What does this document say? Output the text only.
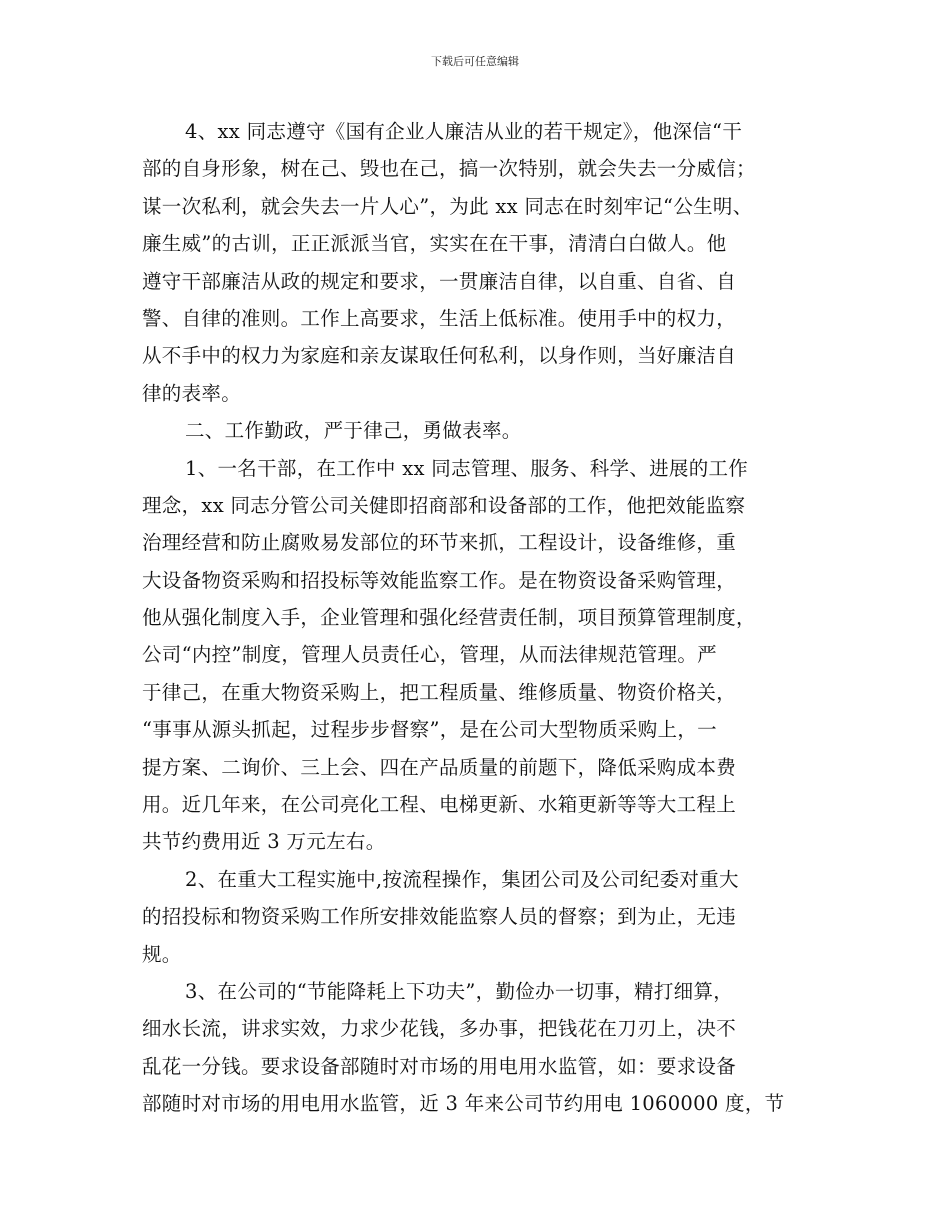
下载后可任意编辑
4、xx 同志遵守《国有企业人廉洁从业的若干规定》，他深信“干
部的自身形象，树在己、毁也在己，搞一次特别，就会失去一分威信；
谋一次私利，就会失去一片人心”，为此 xx 同志在时刻牢记“公生明、
廉生威”的古训，正正派派当官，实实在在干事，清清白白做人。他
遵守干部廉洁从政的规定和要求，一贯廉洁自律，以自重、自省、自
警、自律的准则。工作上高要求，生活上低标准。使用手中的权力，
从不手中的权力为家庭和亲友谋取任何私利，以身作则，当好廉洁自
律的表率。
二、工作勤政，严于律己，勇做表率。
1、一名干部，在工作中 xx 同志管理、服务、科学、进展的工作
理念，xx 同志分管公司关健即招商部和设备部的工作，他把效能监察
治理经营和防止腐败易发部位的环节来抓，工程设计，设备维修，重
大设备物资采购和招投标等效能监察工作。是在物资设备采购管理，
他从强化制度入手，企业管理和强化经营责任制，项目预算管理制度，
公司“内控”制度，管理人员责任心，管理，从而法律规范管理。严
于律己，在重大物资采购上，把工程质量、维修质量、物资价格关，
“事事从源头抓起，过程步步督察”，是在公司大型物质采购上，一
提方案、二询价、三上会、四在产品质量的前题下，降低采购成本费
用。近几年来，在公司亮化工程、电梯更新、水箱更新等等大工程上
共节约费用近 3 万元左右。
2、在重大工程实施中,按流程操作，集团公司及公司纪委对重大
的招投标和物资采购工作所安排效能监察人员的督察；到为止，无违
规。
3、在公司的“节能降耗上下功夫”，勤俭办一切事，精打细算，
细水长流，讲求实效，力求少花钱，多办事，把钱花在刀刃上，决不
乱花一分钱。要求设备部随时对市场的用电用水监管，如：要求设备
部随时对市场的用电用水监管，近 3 年来公司节约用电 1060000 度，节
